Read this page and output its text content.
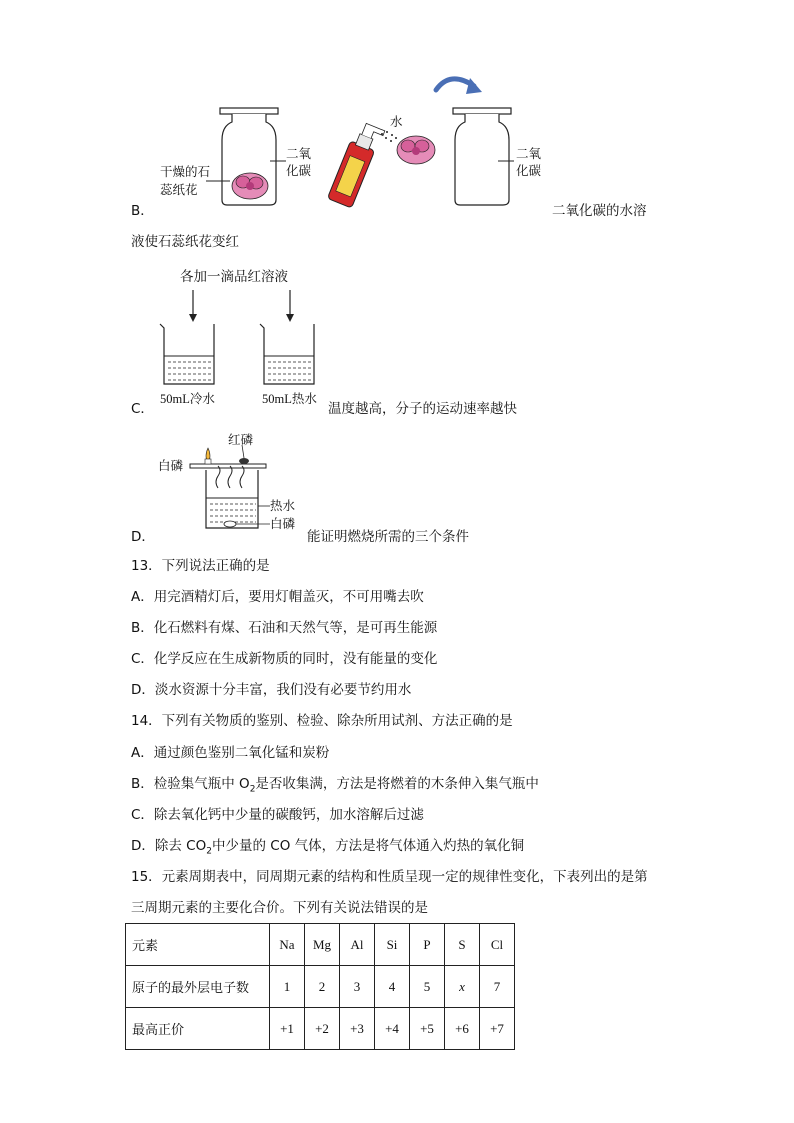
二氧
化碳
干燥的石
蕊纸花
水
二氧
化碳
B．	二氧化碳的水溶
液使石蕊纸花变红
各加一滴品红溶液
50mL冷水	50mL热水
C．	温度越高，分子的运动速率越快
红磷
白磷
热水
白磷
D．	能证明燃烧所需的三个条件
13．下列说法正确的是
A．用完酒精灯后，要用灯帽盖灭，不可用嘴去吹
B．化石燃料有煤、石油和天然气等，是可再生能源
C．化学反应在生成新物质的同时，没有能量的变化
D．淡水资源十分丰富，我们没有必要节约用水
14．下列有关物质的鉴别、检验、除杂所用试剂、方法正确的是
A．通过颜色鉴别二氧化锰和炭粉
B．检验集气瓶中 $O_2$是否收集满，方法是将燃着的木条伸入集气瓶中
C．除去氧化钙中少量的碳酸钙，加水溶解后过滤
D．除去 $CO_2$中少量的 CO 气体，方法是将气体通入灼热的氧化铜
15．元素周期表中，同周期元素的结构和性质呈现一定的规律性变化，下表列出的是第
三周期元素的主要化合价。下列有关说法错误的是
元素	Na	Mg	Al	Si	P	S	Cl
原子的最外层电子数	1	2	3	4	5	x	7
最高正价	+1	+2	+3	+4	+5	+6	+7
